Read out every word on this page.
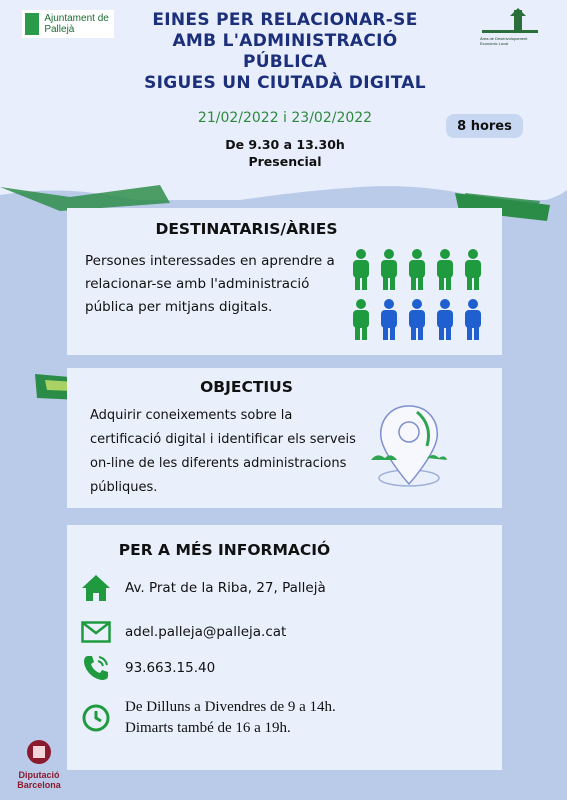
Ajuntament de Pallejà
Àrea de Desenvolupament Econòmic Local
EINES PER RELACIONAR-SE
AMB L'ADMINISTRACIÓ
PÚBLICA
SIGUES UN CIUTADÀ DIGITAL
21/02/2022 i 23/02/2022	8 hores
De 9.30 a 13.30h
Presencial
DESTINATARIS/ÀRIES
Persones interessades en aprendre a relacionar-se amb l'administració pública per mitjans digitals.
OBJECTIUS
Adquirir coneixements sobre la certificació digital i identificar els serveis on-line de les diferents administracions públiques.
PER A MÉS INFORMACIÓ
Av. Prat de la Riba, 27, Pallejà
adel.palleja@palleja.cat
93.663.15.40
De Dilluns a Divendres de 9 a 14h.
Dimarts també de 16 a 19h.
Diputació Barcelona
